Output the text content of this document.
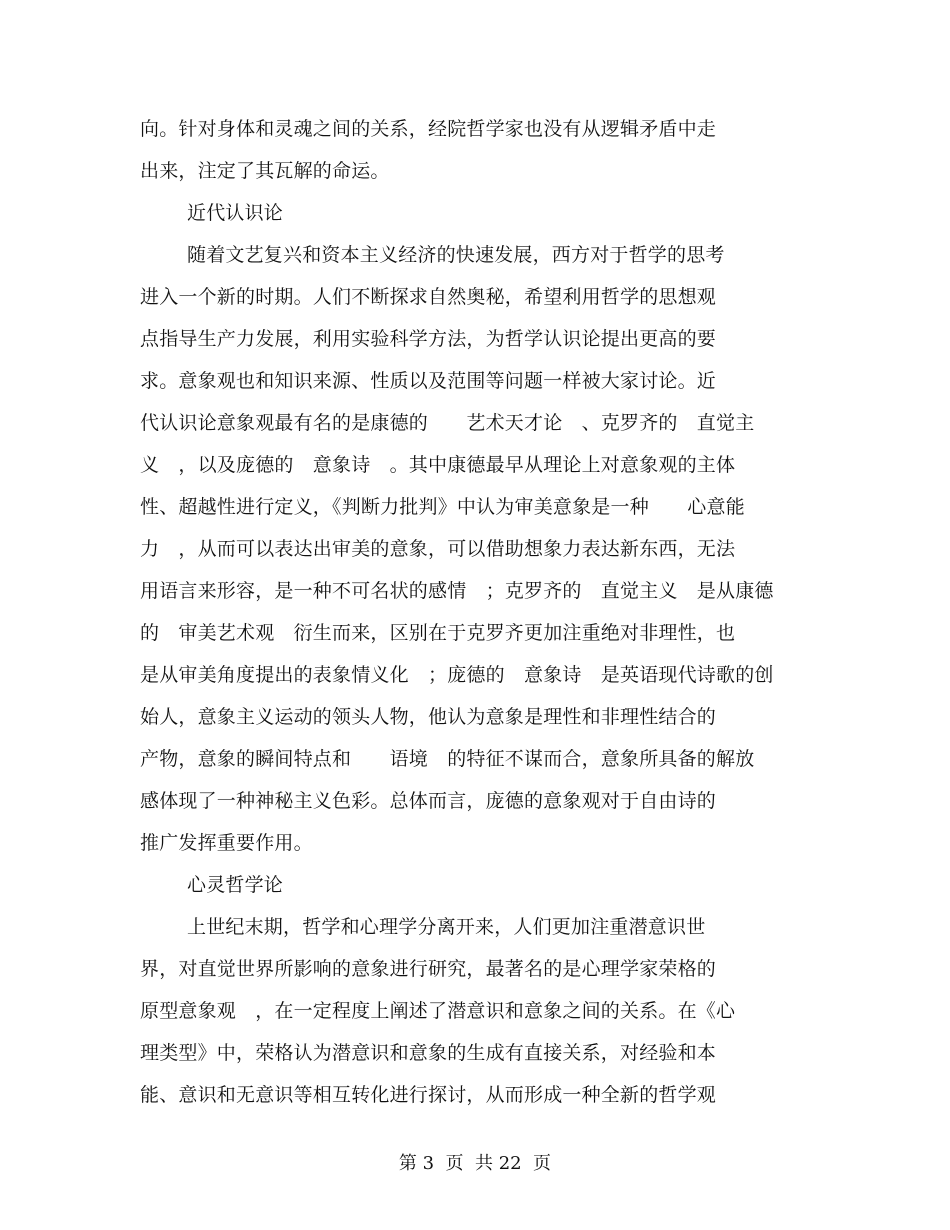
向。针对身体和灵魂之间的关系，经院哲学家也没有从逻辑矛盾中走
出来，注定了其瓦解的命运。
近代认识论
随着文艺复兴和资本主义经济的快速发展，西方对于哲学的思考
进入一个新的时期。人们不断探求自然奥秘，希望利用哲学的思想观
点指导生产力发展，利用实验科学方法，为哲学认识论提出更高的要
求。意象观也和知识来源、性质以及范围等问题一样被大家讨论。近
代认识论意象观最有名的是康德的　　艺术天才论　、克罗齐的　直觉主
义　，以及庞德的　意象诗　。其中康德最早从理论上对意象观的主体
性、超越性进行定义，《判断力批判》中认为审美意象是一种　　心意能
力　，从而可以表达出审美的意象，可以借助想象力表达新东西，无法
用语言来形容，是一种不可名状的感情　；克罗齐的　直觉主义　是从康德
的　审美艺术观　衍生而来，区别在于克罗齐更加注重绝对非理性，也
是从审美角度提出的表象情义化　；庞德的　意象诗　是英语现代诗歌的创
始人，意象主义运动的领头人物，他认为意象是理性和非理性结合的
产物，意象的瞬间特点和　　语境　的特征不谋而合，意象所具备的解放
感体现了一种神秘主义色彩。总体而言，庞德的意象观对于自由诗的
推广发挥重要作用。
心灵哲学论
上世纪末期，哲学和心理学分离开来，人们更加注重潜意识世
界，对直觉世界所影响的意象进行研究，最著名的是心理学家荣格的
原型意象观　，在一定程度上阐述了潜意识和意象之间的关系。在《心
理类型》中，荣格认为潜意识和意象的生成有直接关系，对经验和本
能、意识和无意识等相互转化进行探讨，从而形成一种全新的哲学观
第 3  页  共 22  页
